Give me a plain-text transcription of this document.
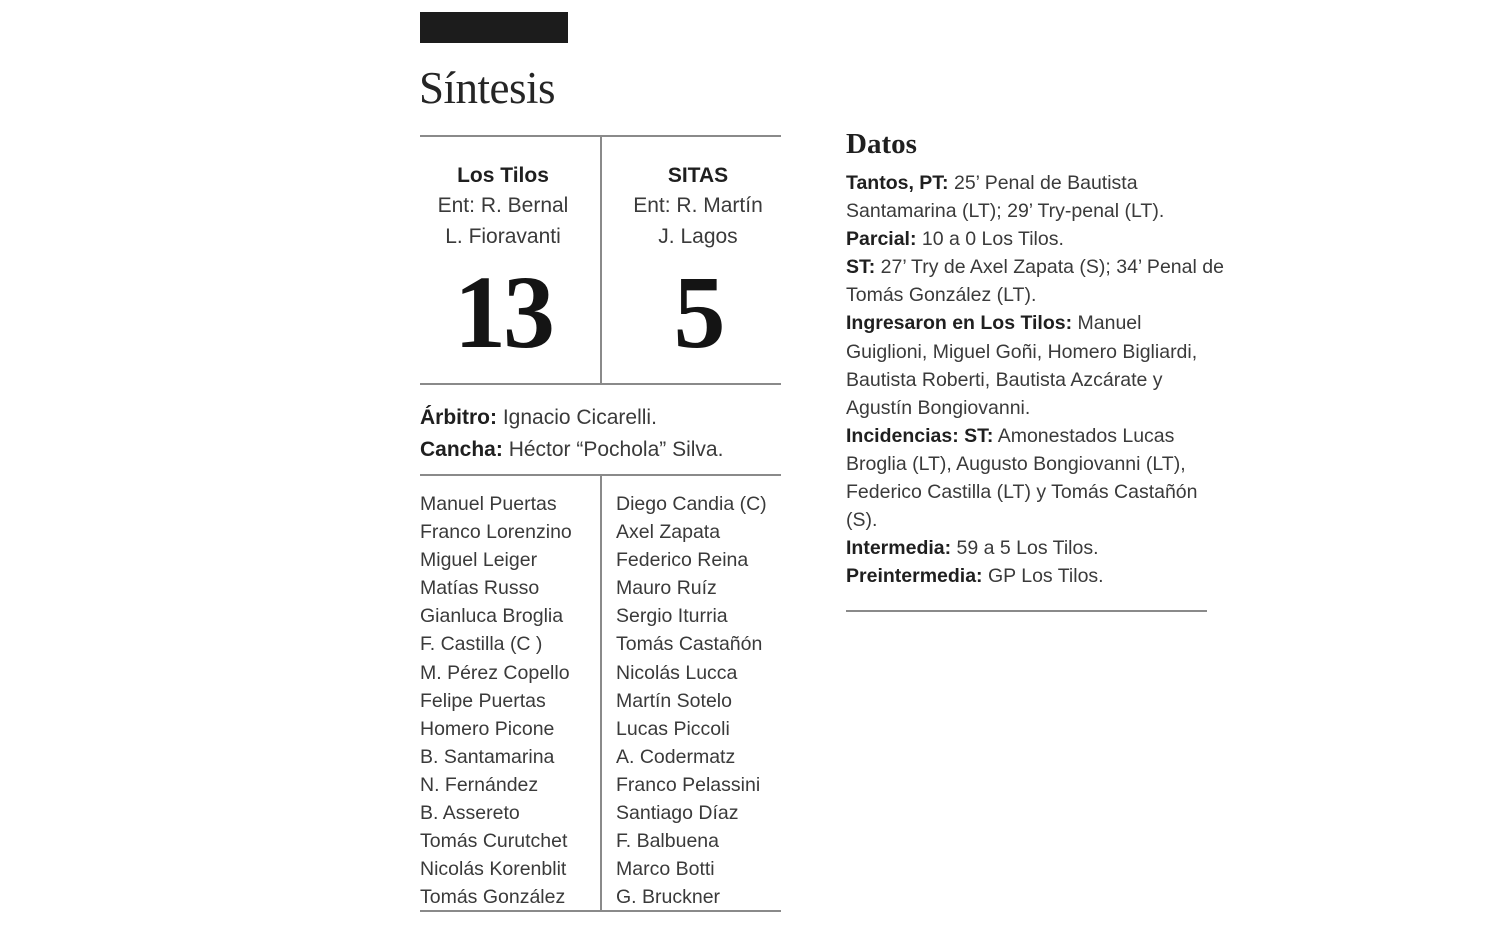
Síntesis
Los Tilos
Ent: R. Bernal
L. Fioravanti
13
SITAS
Ent: R. Martín
J. Lagos
5
Árbitro: Ignacio Cicarelli.
Cancha: Héctor “Pochola” Silva.
Manuel Puertas
Franco Lorenzino
Miguel Leiger
Matías Russo
Gianluca Broglia
F. Castilla (C )
M. Pérez Copello
Felipe Puertas
Homero Picone
B. Santamarina
N. Fernández
B. Assereto
Tomás Curutchet
Nicolás Korenblit
Tomás González
Diego Candia (C)
Axel Zapata
Federico Reina
Mauro Ruíz
Sergio Iturria
Tomás Castañón
Nicolás Lucca
Martín Sotelo
Lucas Piccoli
A. Codermatz
Franco Pelassini
Santiago Díaz
F. Balbuena
Marco Botti
G. Bruckner
Datos

Tantos, PT: 25’ Penal de Bautista Santamarina (LT); 29’ Try-penal (LT).

Parcial: 10 a 0 Los Tilos.

ST: 27’ Try de Axel Zapata (S); 34’ Penal de Tomás González (LT).

Ingresaron en Los Tilos: Manuel Guiglioni, Miguel Goñi, Homero Bigliardi, Bautista Roberti, Bautista Azcárate y Agustín Bongiovanni.

Incidencias: ST: Amonestados Lucas Broglia (LT), Augusto Bongiovanni (LT), Federico Castilla (LT) y Tomás Castañón (S).

Intermedia: 59 a 5 Los Tilos.

Preintermedia: GP Los Tilos.
